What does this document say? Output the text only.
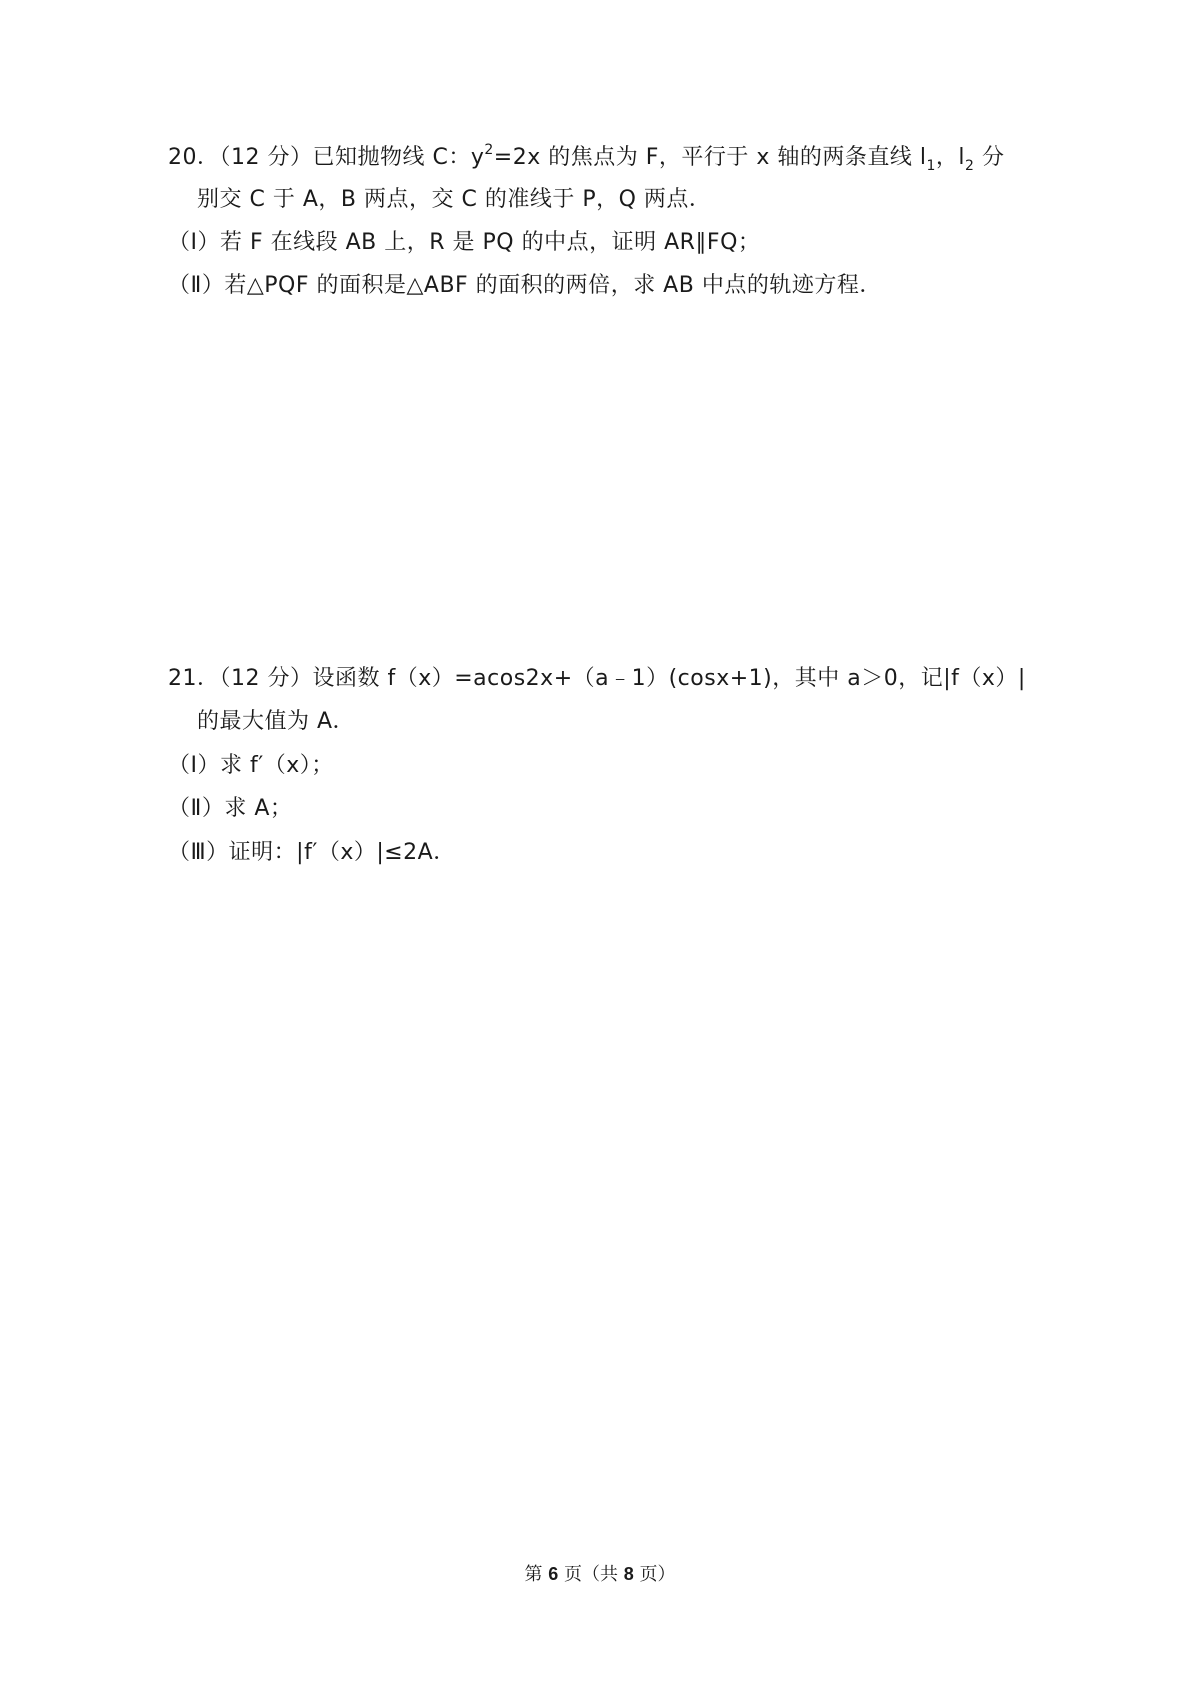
20．（12 分）已知抛物线 C：$y^2=2x$ 的焦点为 F，平行于 x 轴的两条直线 $l_1$，$l_2$ 分
别交 C 于 A，B 两点，交 C 的准线于 P，Q 两点．
（Ⅰ）若 F 在线段 AB 上，R 是 PQ 的中点，证明 AR∥FQ；
（Ⅱ）若△PQF 的面积是△ABF 的面积的两倍，求 AB 中点的轨迹方程．
21．（12 分）设函数 f（x）=acos2x+（a﹣1）(cosx+1)，其中 a＞0，记|f（x）|
的最大值为 A．
（Ⅰ）求 f′（x）；
（Ⅱ）求 A；
（Ⅲ）证明：|f′（x）|≤2A．
第 6 页（共 8 页）
